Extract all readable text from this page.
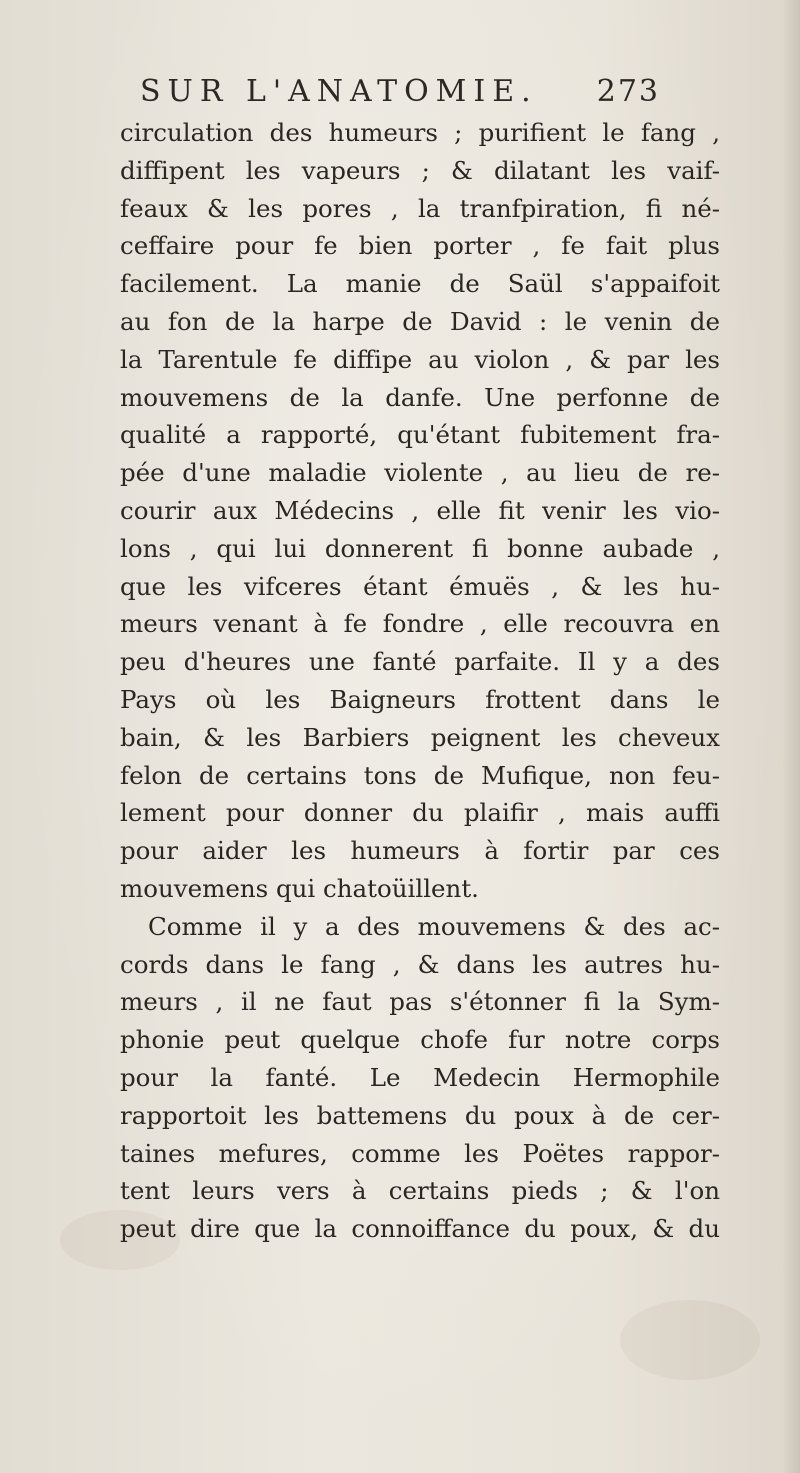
SUR L'ANATOMIE. 273
circulation des humeurs ; purifient le fang ,
diffipent les vapeurs ; & dilatant les vaif-
feaux & les pores , la tranfpiration, fi né-
ceffaire pour fe bien porter , fe fait plus
facilement. La manie de Saül s'appaifoit
au fon de la harpe de David : le venin de
la Tarentule fe diffipe au violon , & par les
mouvemens de la danfe. Une perfonne de
qualité a rapporté, qu'étant fubitement fra-
pée d'une maladie violente , au lieu de re-
courir aux Médecins , elle fit venir les vio-
lons , qui lui donnerent fi bonne aubade ,
que les vifceres étant émuës , & les hu-
meurs venant à fe fondre , elle recouvra en
peu d'heures une fanté parfaite. Il y a des
Pays où les Baigneurs frottent dans le
bain, & les Barbiers peignent les cheveux
felon de certains tons de Mufique, non feu-
lement pour donner du plaifir , mais auffi
pour aider les humeurs à fortir par ces
mouvemens qui chatoüillent.
Comme il y a des mouvemens & des ac-
cords dans le fang , & dans les autres hu-
meurs , il ne faut pas s'étonner fi la Sym-
phonie peut quelque chofe fur notre corps
pour la fanté. Le Medecin Hermophile
rapportoit les battemens du poux à de cer-
taines mefures, comme les Poëtes rappor-
tent leurs vers à certains pieds ; & l'on
peut dire que la connoiffance du poux, & du
